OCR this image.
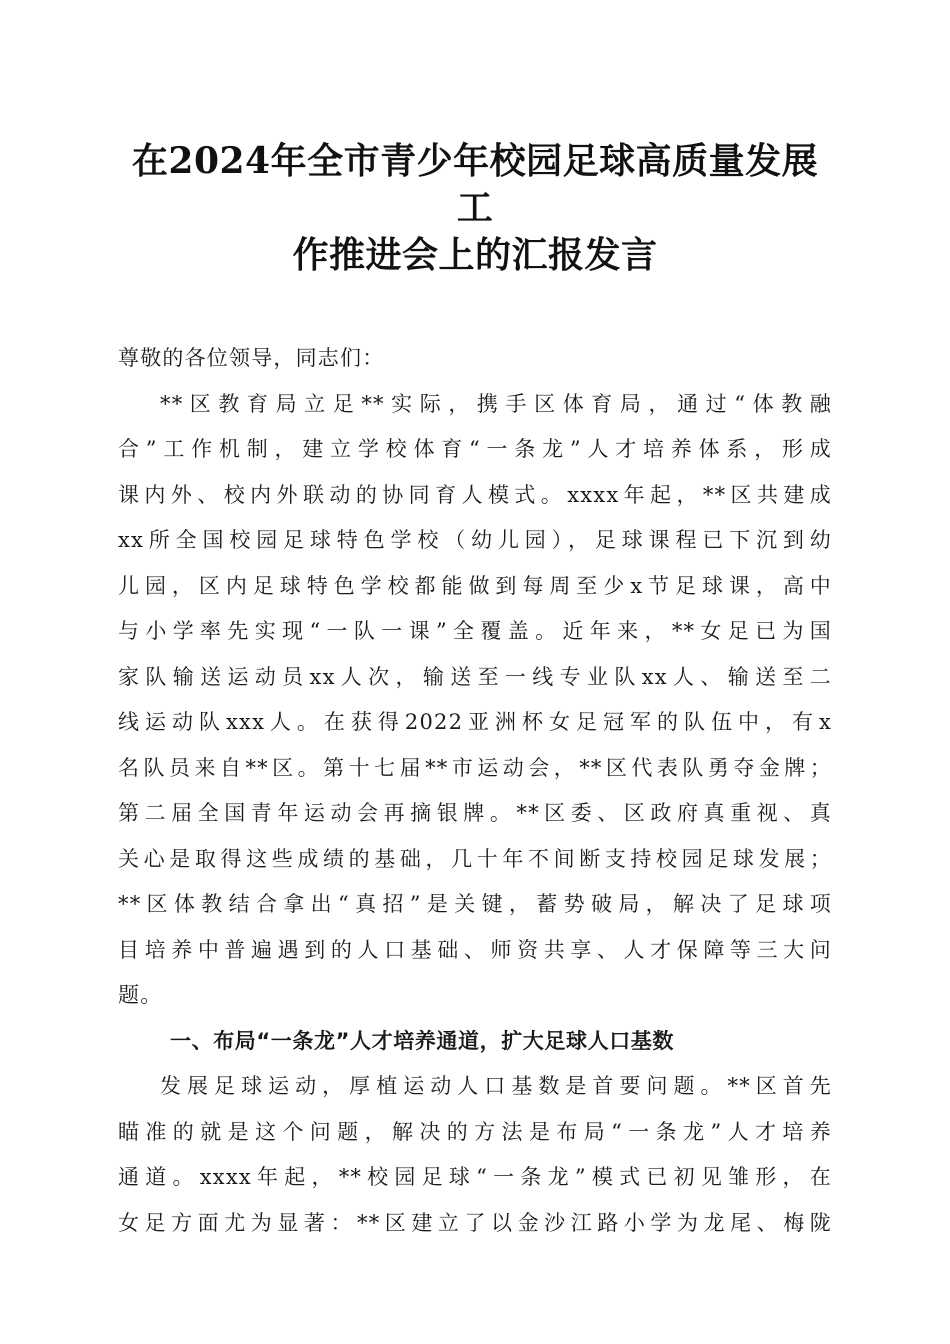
在2024年全市青少年校园足球高质量发展工
作推进会上的汇报发言

尊敬的各位领导，同志们：

**区教育局立足**实际，携手区体育局，通过“体教融
合”工作机制，建立学校体育“一条龙”人才培养体系，形成
课内外、校内外联动的协同育人模式。xxxx年起，**区共建成
xx所全国校园足球特色学校（幼儿园），足球课程已下沉到幼
儿园，区内足球特色学校都能做到每周至少x节足球课，高中
与小学率先实现“一队一课”全覆盖。近年来，**女足已为国
家队输送运动员xx人次，输送至一线专业队xx人、输送至二
线运动队xxx人。在获得2022亚洲杯女足冠军的队伍中，有x
名队员来自**区。第十七届**市运动会，**区代表队勇夺金牌；
第二届全国青年运动会再摘银牌。**区委、区政府真重视、真
关心是取得这些成绩的基础，几十年不间断支持校园足球发展；
**区体教结合拿出“真招”是关键，蓄势破局，解决了足球项
目培养中普遍遇到的人口基础、师资共享、人才保障等三大问
题。
一、布局“一条龙”人才培养通道，扩大足球人口基数
发展足球运动，厚植运动人口基数是首要问题。**区首先
瞄准的就是这个问题，解决的方法是布局“一条龙”人才培养
通道。xxxx年起，**校园足球“一条龙”模式已初见雏形，在
女足方面尤为显著：**区建立了以金沙江路小学为龙尾、梅陇
